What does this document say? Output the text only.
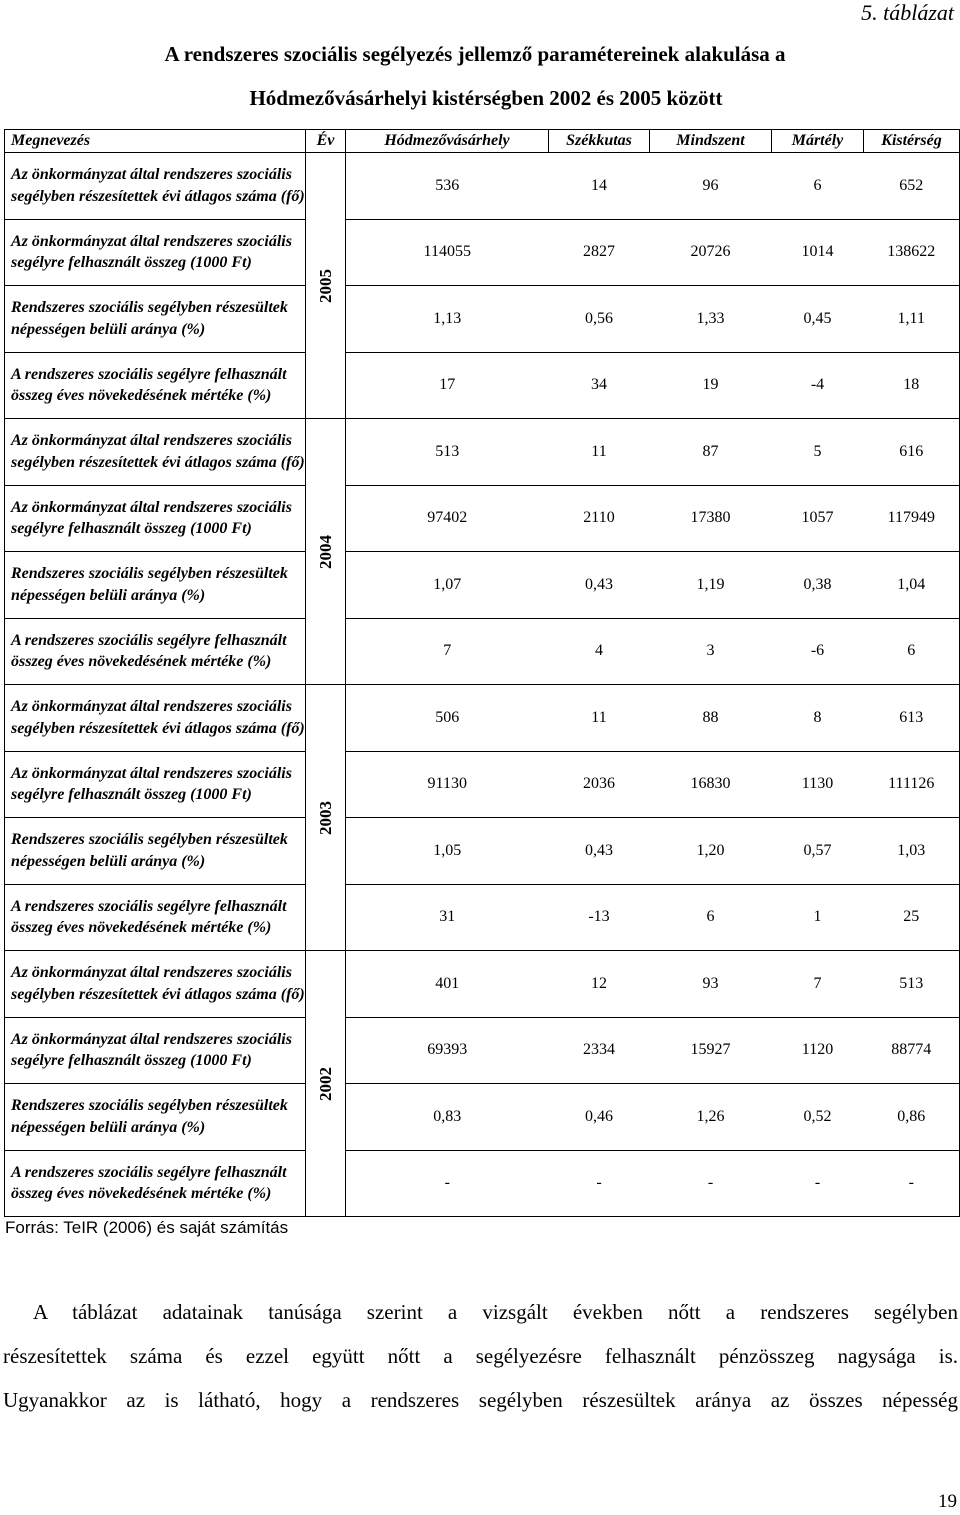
5. táblázat
A rendszeres szociális segélyezés jellemző paramétereinek alakulása a
Hódmezővásárhelyi kistérségben 2002 és 2005 között
Megnevezés	Év	Hódmezővásárhely	Székkutas	Mindszent	Mártély	Kistérség
Az önkormányzat által rendszeres szociális segélyben részesítettek évi átlagos száma (fő)	2005	536	14	96	6	652
Az önkormányzat által rendszeres szociális segélyre felhasznált összeg (1000 Ft)		114055	2827	20726	1014	138622
Rendszeres szociális segélyben részesültek népességen belüli aránya (%)		1,13	0,56	1,33	0,45	1,11
A rendszeres szociális segélyre felhasznált összeg éves növekedésének mértéke (%)		17	34	19	-4	18
Az önkormányzat által rendszeres szociális segélyben részesítettek évi átlagos száma (fő)	2004	513	11	87	5	616
Az önkormányzat által rendszeres szociális segélyre felhasznált összeg (1000 Ft)		97402	2110	17380	1057	117949
Rendszeres szociális segélyben részesültek népességen belüli aránya (%)		1,07	0,43	1,19	0,38	1,04
A rendszeres szociális segélyre felhasznált összeg éves növekedésének mértéke (%)		7	4	3	-6	6
Az önkormányzat által rendszeres szociális segélyben részesítettek évi átlagos száma (fő)	2003	506	11	88	8	613
Az önkormányzat által rendszeres szociális segélyre felhasznált összeg (1000 Ft)		91130	2036	16830	1130	111126
Rendszeres szociális segélyben részesültek népességen belüli aránya (%)		1,05	0,43	1,20	0,57	1,03
A rendszeres szociális segélyre felhasznált összeg éves növekedésének mértéke (%)		31	-13	6	1	25
Az önkormányzat által rendszeres szociális segélyben részesítettek évi átlagos száma (fő)	2002	401	12	93	7	513
Az önkormányzat által rendszeres szociális segélyre felhasznált összeg (1000 Ft)		69393	2334	15927	1120	88774
Rendszeres szociális segélyben részesültek népességen belüli aránya (%)		0,83	0,46	1,26	0,52	0,86
A rendszeres szociális segélyre felhasznált összeg éves növekedésének mértéke (%)		-	-	-	-	-
Forrás: TeIR (2006) és saját számítás
A táblázat adatainak tanúsága szerint a vizsgált években nőtt a rendszeres segélyben
részesítettek száma és ezzel együtt nőtt a segélyezésre felhasznált pénzösszeg nagysága is.
Ugyanakkor az is látható, hogy a rendszeres segélyben részesültek aránya az összes népesség
19
